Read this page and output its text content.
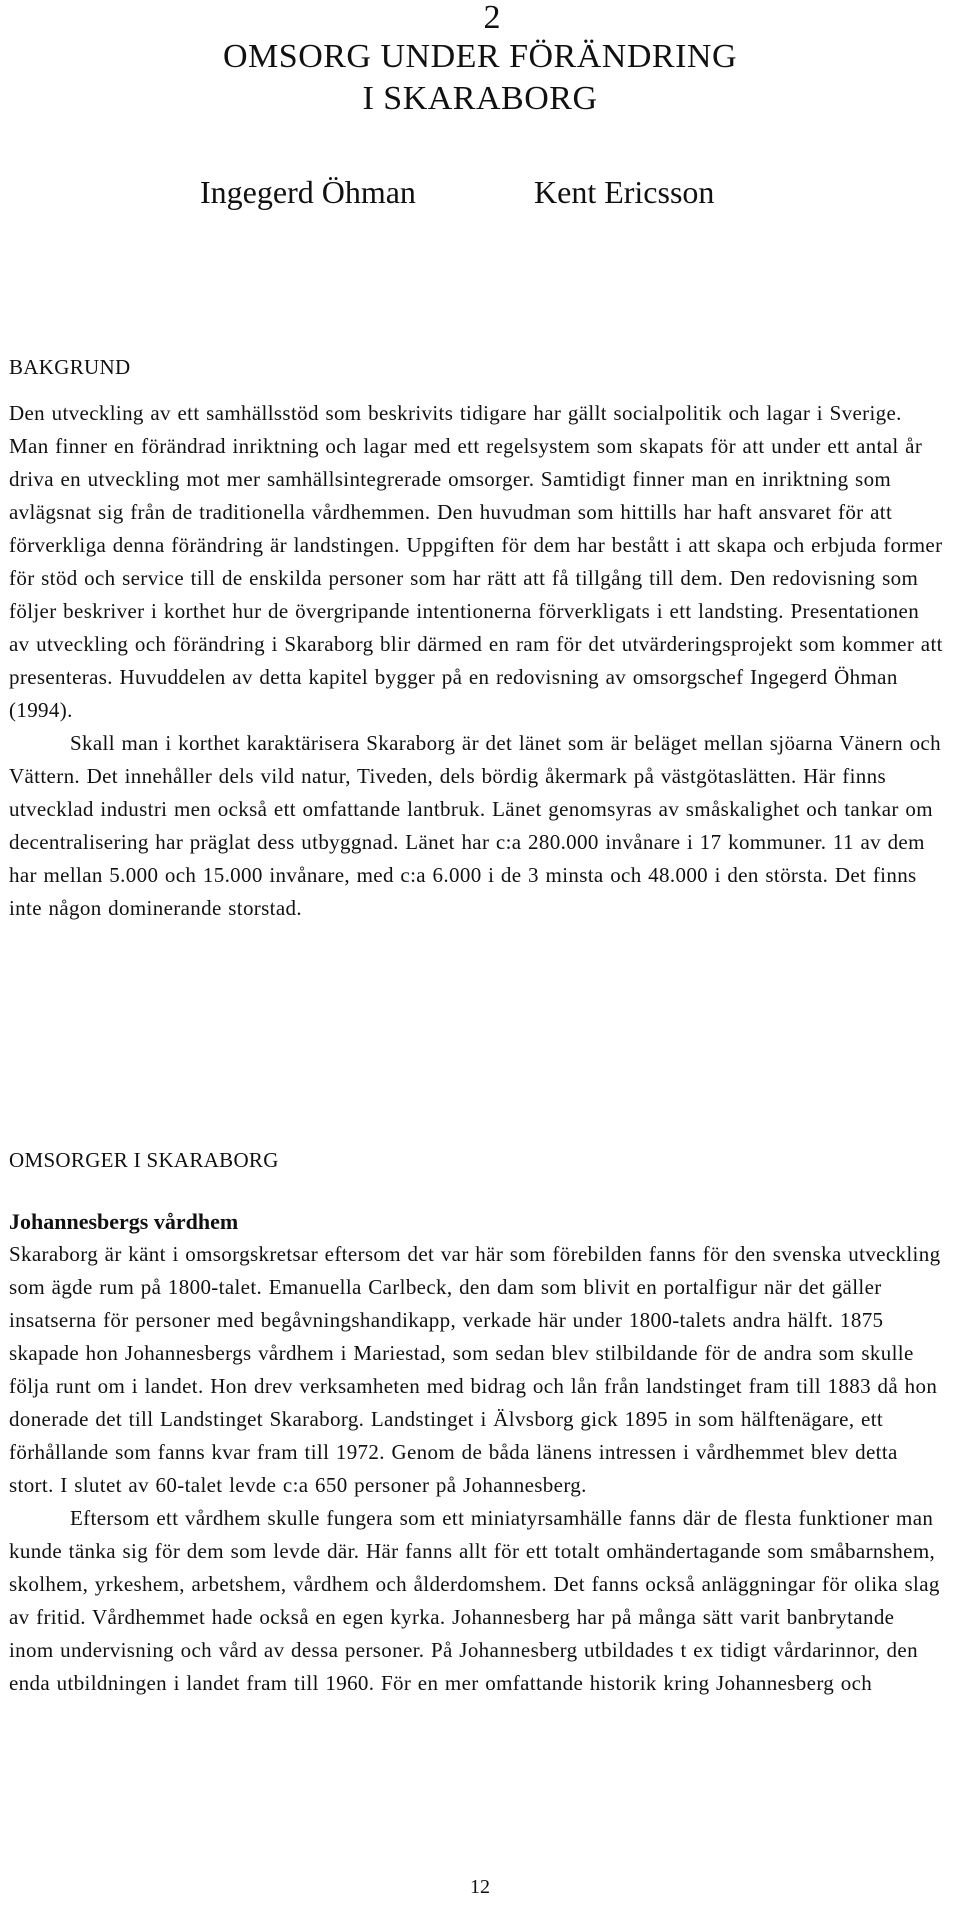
2
OMSORG UNDER FÖRÄNDRING
I SKARABORG
Ingegerd Öhman	Kent Ericsson
BAKGRUND

Den utveckling av ett samhällsstöd som beskrivits tidigare har gällt socialpolitik och lagar i Sverige. Man finner en förändrad inriktning och lagar med ett regelsystem som skapats för att under ett antal år driva en utveckling mot mer samhällsintegrerade omsorger. Samtidigt finner man en inriktning som avlägsnat sig från de traditionella vårdhemmen. Den huvudman som hittills har haft ansvaret för att förverkliga denna förändring är landstingen. Uppgiften för dem har bestått i att skapa och erbjuda former för stöd och service till de enskilda personer som har rätt att få tillgång till dem. Den redovisning som följer beskriver i korthet hur de övergripande intentionerna förverkligats i ett landsting. Presentationen av utveckling och förändring i Skaraborg blir därmed en ram för det utvärderingsprojekt som kommer att presenteras. Huvuddelen av detta kapitel bygger på en redovisning av omsorgschef Ingegerd Öhman (1994).

Skall man i korthet karaktärisera Skaraborg är det länet som är beläget mellan sjöarna Vänern och Vättern. Det innehåller dels vild natur, Tiveden, dels bördig åkermark på västgötaslätten. Här finns utvecklad industri men också ett omfattande lantbruk. Länet genomsyras av småskalighet och tankar om decentralisering har präglat dess utbyggnad. Länet har c:a 280.000 invånare i 17 kommuner. 11 av dem har mellan 5.000 och 15.000 invånare, med c:a 6.000 i de 3 minsta och 48.000 i den största. Det finns inte någon dominerande storstad.

OMSORGER I SKARABORG
Johannesbergs vårdhem

Skaraborg är känt i omsorgskretsar eftersom det var här som förebilden fanns för den svenska utveckling som ägde rum på 1800-talet. Emanuella Carlbeck, den dam som blivit en portalfigur när det gäller insatserna för personer med begåvningshandikapp, verkade här under 1800-talets andra hälft. 1875 skapade hon Johannesbergs vårdhem i Mariestad, som sedan blev stilbildande för de andra som skulle följa runt om i landet. Hon drev verksamheten med bidrag och lån från landstinget fram till 1883 då hon donerade det till Landstinget Skaraborg. Landstinget i Älvsborg gick 1895 in som hälftenägare, ett förhållande som fanns kvar fram till 1972. Genom de båda länens intressen i vårdhemmet blev detta stort. I slutet av 60-talet levde c:a 650 personer på Johannesberg.

Eftersom ett vårdhem skulle fungera som ett miniatyrsamhälle fanns där de flesta funktioner man kunde tänka sig för dem som levde där. Här fanns allt för ett totalt omhändertagande som småbarnshem, skolhem, yrkeshem, arbetshem, vårdhem och ålderdomshem. Det fanns också anläggningar för olika slag av fritid. Vårdhemmet hade också en egen kyrka. Johannesberg har på många sätt varit banbrytande inom undervisning och vård av dessa personer. På Johannesberg utbildades t ex tidigt vårdarinnor, den enda utbildningen i landet fram till 1960. För en mer omfattande historik kring Johannesberg och

12
